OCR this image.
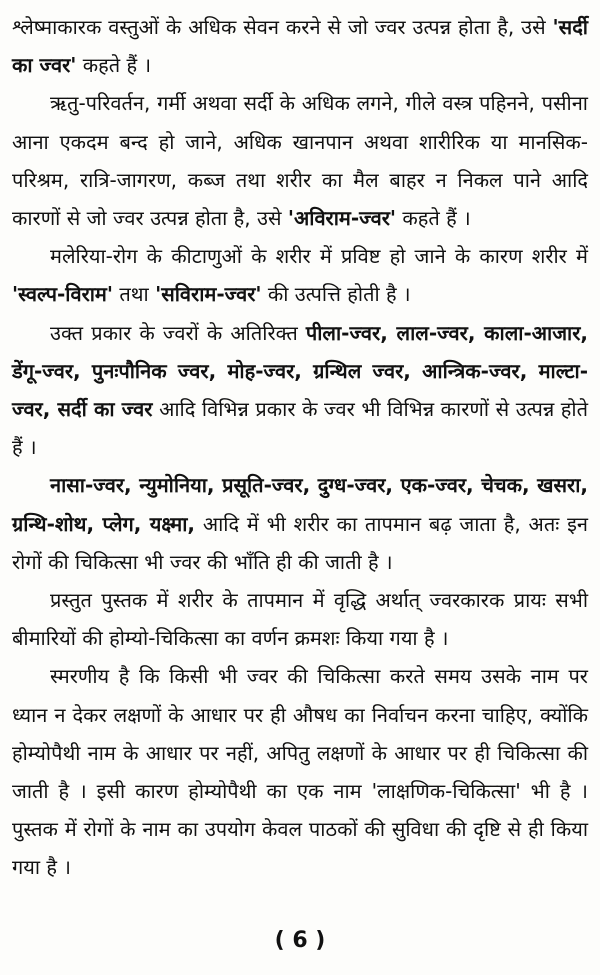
श्लेष्माकारक वस्तुओं के अधिक सेवन करने से जो ज्वर उत्पन्न होता है, उसे 'सर्दी का ज्वर' कहते हैं ।

ऋतु-परिवर्तन, गर्मी अथवा सर्दी के अधिक लगने, गीले वस्त्र पहिनने, पसीना आना एकदम बन्द हो जाने, अधिक खानपान अथवा शारीरिक या मानसिक-परिश्रम, रात्रि-जागरण, कब्ज तथा शरीर का मैल बाहर न निकल पाने आदि कारणों से जो ज्वर उत्पन्न होता है, उसे 'अविराम-ज्वर' कहते हैं ।

मलेरिया-रोग के कीटाणुओं के शरीर में प्रविष्ट हो जाने के कारण शरीर में 'स्वल्प-विराम' तथा 'सविराम-ज्वर' की उत्पत्ति होती है ।

उक्त प्रकार के ज्वरों के अतिरिक्त पीला-ज्वर, लाल-ज्वर, काला-आजार, डेंगू-ज्वर, पुनःपौनिक ज्वर, मोह-ज्वर, ग्रन्थिल ज्वर, आन्त्रिक-ज्वर, माल्टा-ज्वर, सर्दी का ज्वर आदि विभिन्न प्रकार के ज्वर भी विभिन्न कारणों से उत्पन्न होते हैं ।

नासा-ज्वर, न्युमोनिया, प्रसूति-ज्वर, दुग्ध-ज्वर, एक-ज्वर, चेचक, खसरा, ग्रन्थि-शोथ, प्लेग, यक्ष्मा, आदि में भी शरीर का तापमान बढ़ जाता है, अतः इन रोगों की चिकित्सा भी ज्वर की भाँति ही की जाती है ।

प्रस्तुत पुस्तक में शरीर के तापमान में वृद्धि अर्थात् ज्वरकारक प्रायः सभी बीमारियों की होम्यो-चिकित्सा का वर्णन क्रमशः किया गया है ।

स्मरणीय है कि किसी भी ज्वर की चिकित्सा करते समय उसके नाम पर ध्यान न देकर लक्षणों के आधार पर ही औषध का निर्वाचन करना चाहिए, क्योंकि होम्योपैथी नाम के आधार पर नहीं, अपितु लक्षणों के आधार पर ही चिकित्सा की जाती है । इसी कारण होम्योपैथी का एक नाम 'लाक्षणिक-चिकित्सा' भी है । पुस्तक में रोगों के नाम का उपयोग केवल पाठकों की सुविधा की दृष्टि से ही किया गया है ।

( 6 )
